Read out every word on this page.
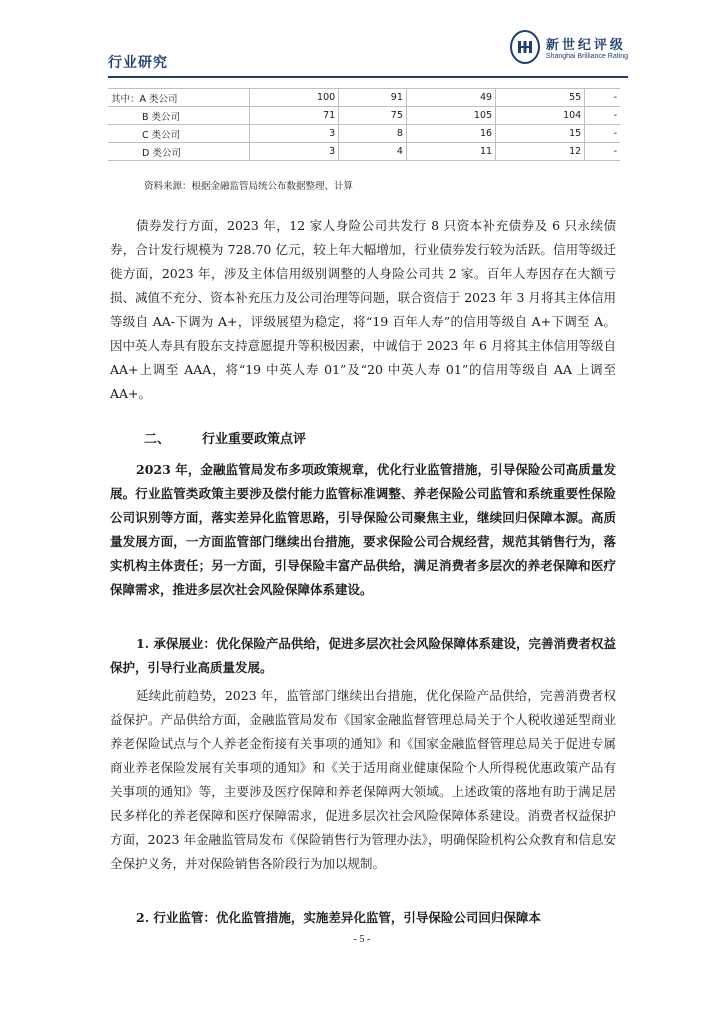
行业研究
新世纪评级
Shanghai Brilliance Rating
其中：A 类公司	100	91	49	55	-
B 类公司	71	75	105	104	-
C 类公司	3	8	16	15	-
D 类公司	3	4	11	12	-
资料来源：根据金融监管局统公布数据整理、计算

债券发行方面，2023 年，12 家人身险公司共发行 8 只资本补充债券及 6 只永续债券，合计发行规模为 728.70 亿元，较上年大幅增加，行业债券发行较为活跃。信用等级迁徙方面，2023 年，涉及主体信用级别调整的人身险公司共 2 家。百年人寿因存在大额亏损、减值不充分、资本补充压力及公司治理等问题，联合资信于 2023 年 3 月将其主体信用等级自 AA-下调为 A+，评级展望为稳定，将“19 百年人寿”的信用等级自 A+下调至 A。因中英人寿具有股东支持意愿提升等积极因素，中诚信于 2023 年 6 月将其主体信用等级自 AA+上调至 AAA，将“19 中英人寿 01”及“20 中英人寿 01”的信用等级自 AA 上调至 AA+。

二、 行业重要政策点评

2023 年，金融监管局发布多项政策规章，优化行业监管措施，引导保险公司高质量发展。行业监管类政策主要涉及偿付能力监管标准调整、养老保险公司监管和系统重要性保险公司识别等方面，落实差异化监管思路，引导保险公司聚焦主业，继续回归保障本源。高质量发展方面，一方面监管部门继续出台措施，要求保险公司合规经营，规范其销售行为，落实机构主体责任；另一方面，引导保险丰富产品供给，满足消费者多层次的养老保障和医疗保障需求，推进多层次社会风险保障体系建设。

1. 承保展业：优化保险产品供给，促进多层次社会风险保障体系建设，完善消费者权益保护，引导行业高质量发展。

延续此前趋势，2023 年，监管部门继续出台措施，优化保险产品供给，完善消费者权益保护。产品供给方面，金融监管局发布《国家金融监督管理总局关于个人税收递延型商业养老保险试点与个人养老金衔接有关事项的通知》和《国家金融监督管理总局关于促进专属商业养老保险发展有关事项的通知》和《关于适用商业健康保险个人所得税优惠政策产品有关事项的通知》等，主要涉及医疗保障和养老保障两大领域。上述政策的落地有助于满足居民多样化的养老保障和医疗保障需求，促进多层次社会风险保障体系建设。消费者权益保护方面，2023 年金融监管局发布《保险销售行为管理办法》，明确保险机构公众教育和信息安全保护义务，并对保险销售各阶段行为加以规制。

2. 行业监管：优化监管措施，实施差异化监管，引导保险公司回归保障本

- 5 -
